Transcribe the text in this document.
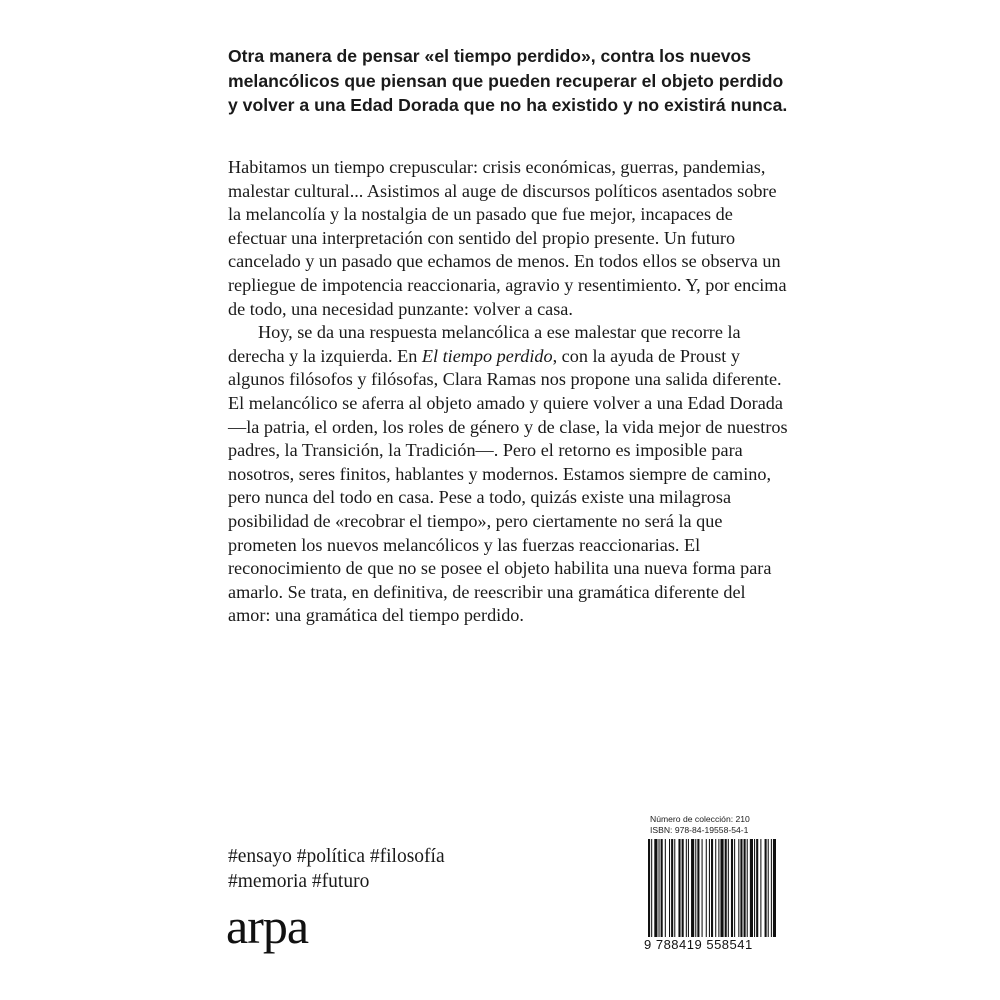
Otra manera de pensar «el tiempo perdido», contra los nuevos melancólicos que piensan que pueden recuperar el objeto perdido y volver a una Edad Dorada que no ha existido y no existirá nunca.

Habitamos un tiempo crepuscular: crisis económicas, guerras, pandemias, malestar cultural... Asistimos al auge de discursos políticos asentados sobre la melancolía y la nostalgia de un pasado que fue mejor, incapaces de efectuar una interpretación con sentido del propio presente. Un futuro cancelado y un pasado que echamos de menos. En todos ellos se observa un repliegue de impotencia reaccionaria, agravio y resentimiento. Y, por encima de todo, una necesidad punzante: volver a casa.

Hoy, se da una respuesta melancólica a ese malestar que recorre la derecha y la izquierda. En El tiempo perdido, con la ayuda de Proust y algunos filósofos y filósofas, Clara Ramas nos propone una salida diferente. El melancólico se aferra al objeto amado y quiere volver a una Edad Dorada —la patria, el orden, los roles de género y de clase, la vida mejor de nuestros padres, la Transición, la Tradición—. Pero el retorno es imposible para nosotros, seres finitos, hablantes y modernos. Estamos siempre de camino, pero nunca del todo en casa. Pese a todo, quizás existe una milagrosa posibilidad de «recobrar el tiempo», pero ciertamente no será la que prometen los nuevos melancólicos y las fuerzas reaccionarias. El reconocimiento de que no se posee el objeto habilita una nueva forma para amarlo. Se trata, en definitiva, de reescribir una gramática diferente del amor: una gramática del tiempo perdido.

#ensayo #política #filosofía
#memoria #futuro
arpa
Número de colección: 210
ISBN: 978-84-19558-54-1
9 788419 558541
